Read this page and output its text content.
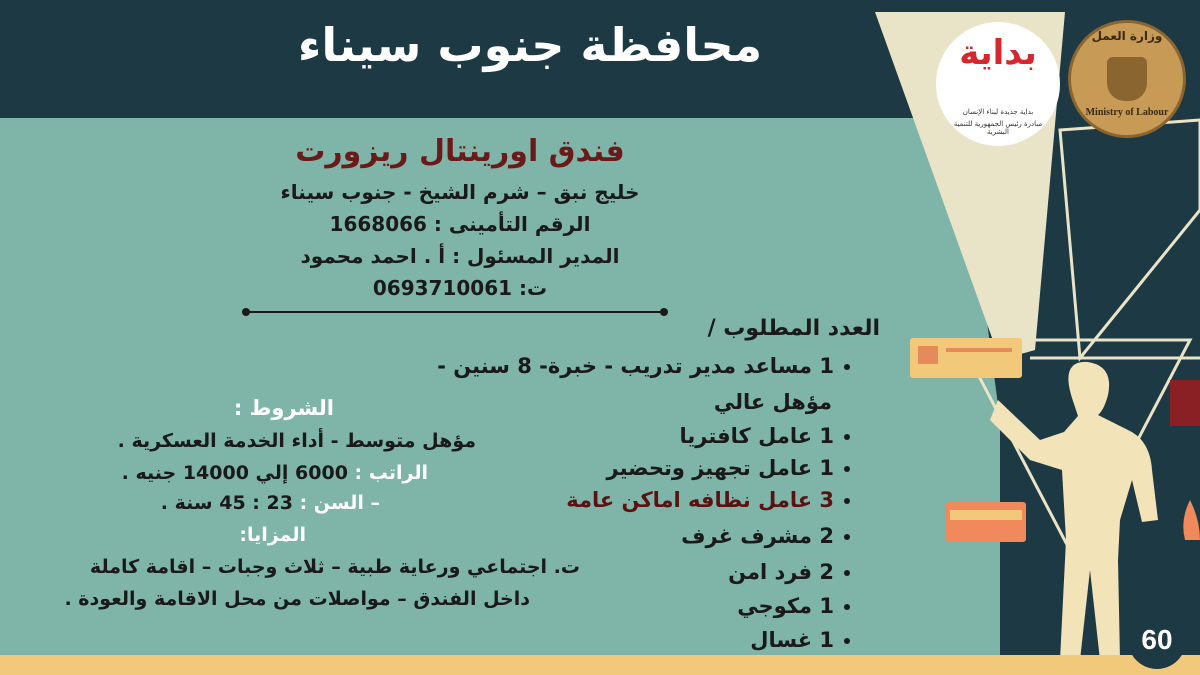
محافظة جنوب سيناء	بداية
بداية جديدة لبناء الإنسان
مبادرة رئيس الجمهورية للتنمية البشرية
وزارة العمل
Ministry of Labour
فندق اورينتال ريزورت
خليج نبق – شرم الشيخ - جنوب سيناء
الرقم التأمينى : 1668066
المدير المسئول : أ . احمد محمود
ت: 0693710061
العدد المطلوب /
1 مساعد مدير تدريب - خبرة- 8 سنين -
مؤهل عالي
1 عامل كافتريا
1 عامل تجهيز وتحضير
3 عامل نظافه اماكن عامة
2 مشرف غرف
2 فرد امن
1 مكوجي
1 غسال
الشروط :
مؤهل متوسط - أداء الخدمة العسكرية .
الراتب : 6000 إلي 14000 جنيه .
– السن : 23 : 45 سنة .
المزايا:
ت. اجتماعي ورعاية طبية – ثلاث وجبات – اقامة كاملة
داخل الفندق – مواصلات من محل الاقامة والعودة .
60
